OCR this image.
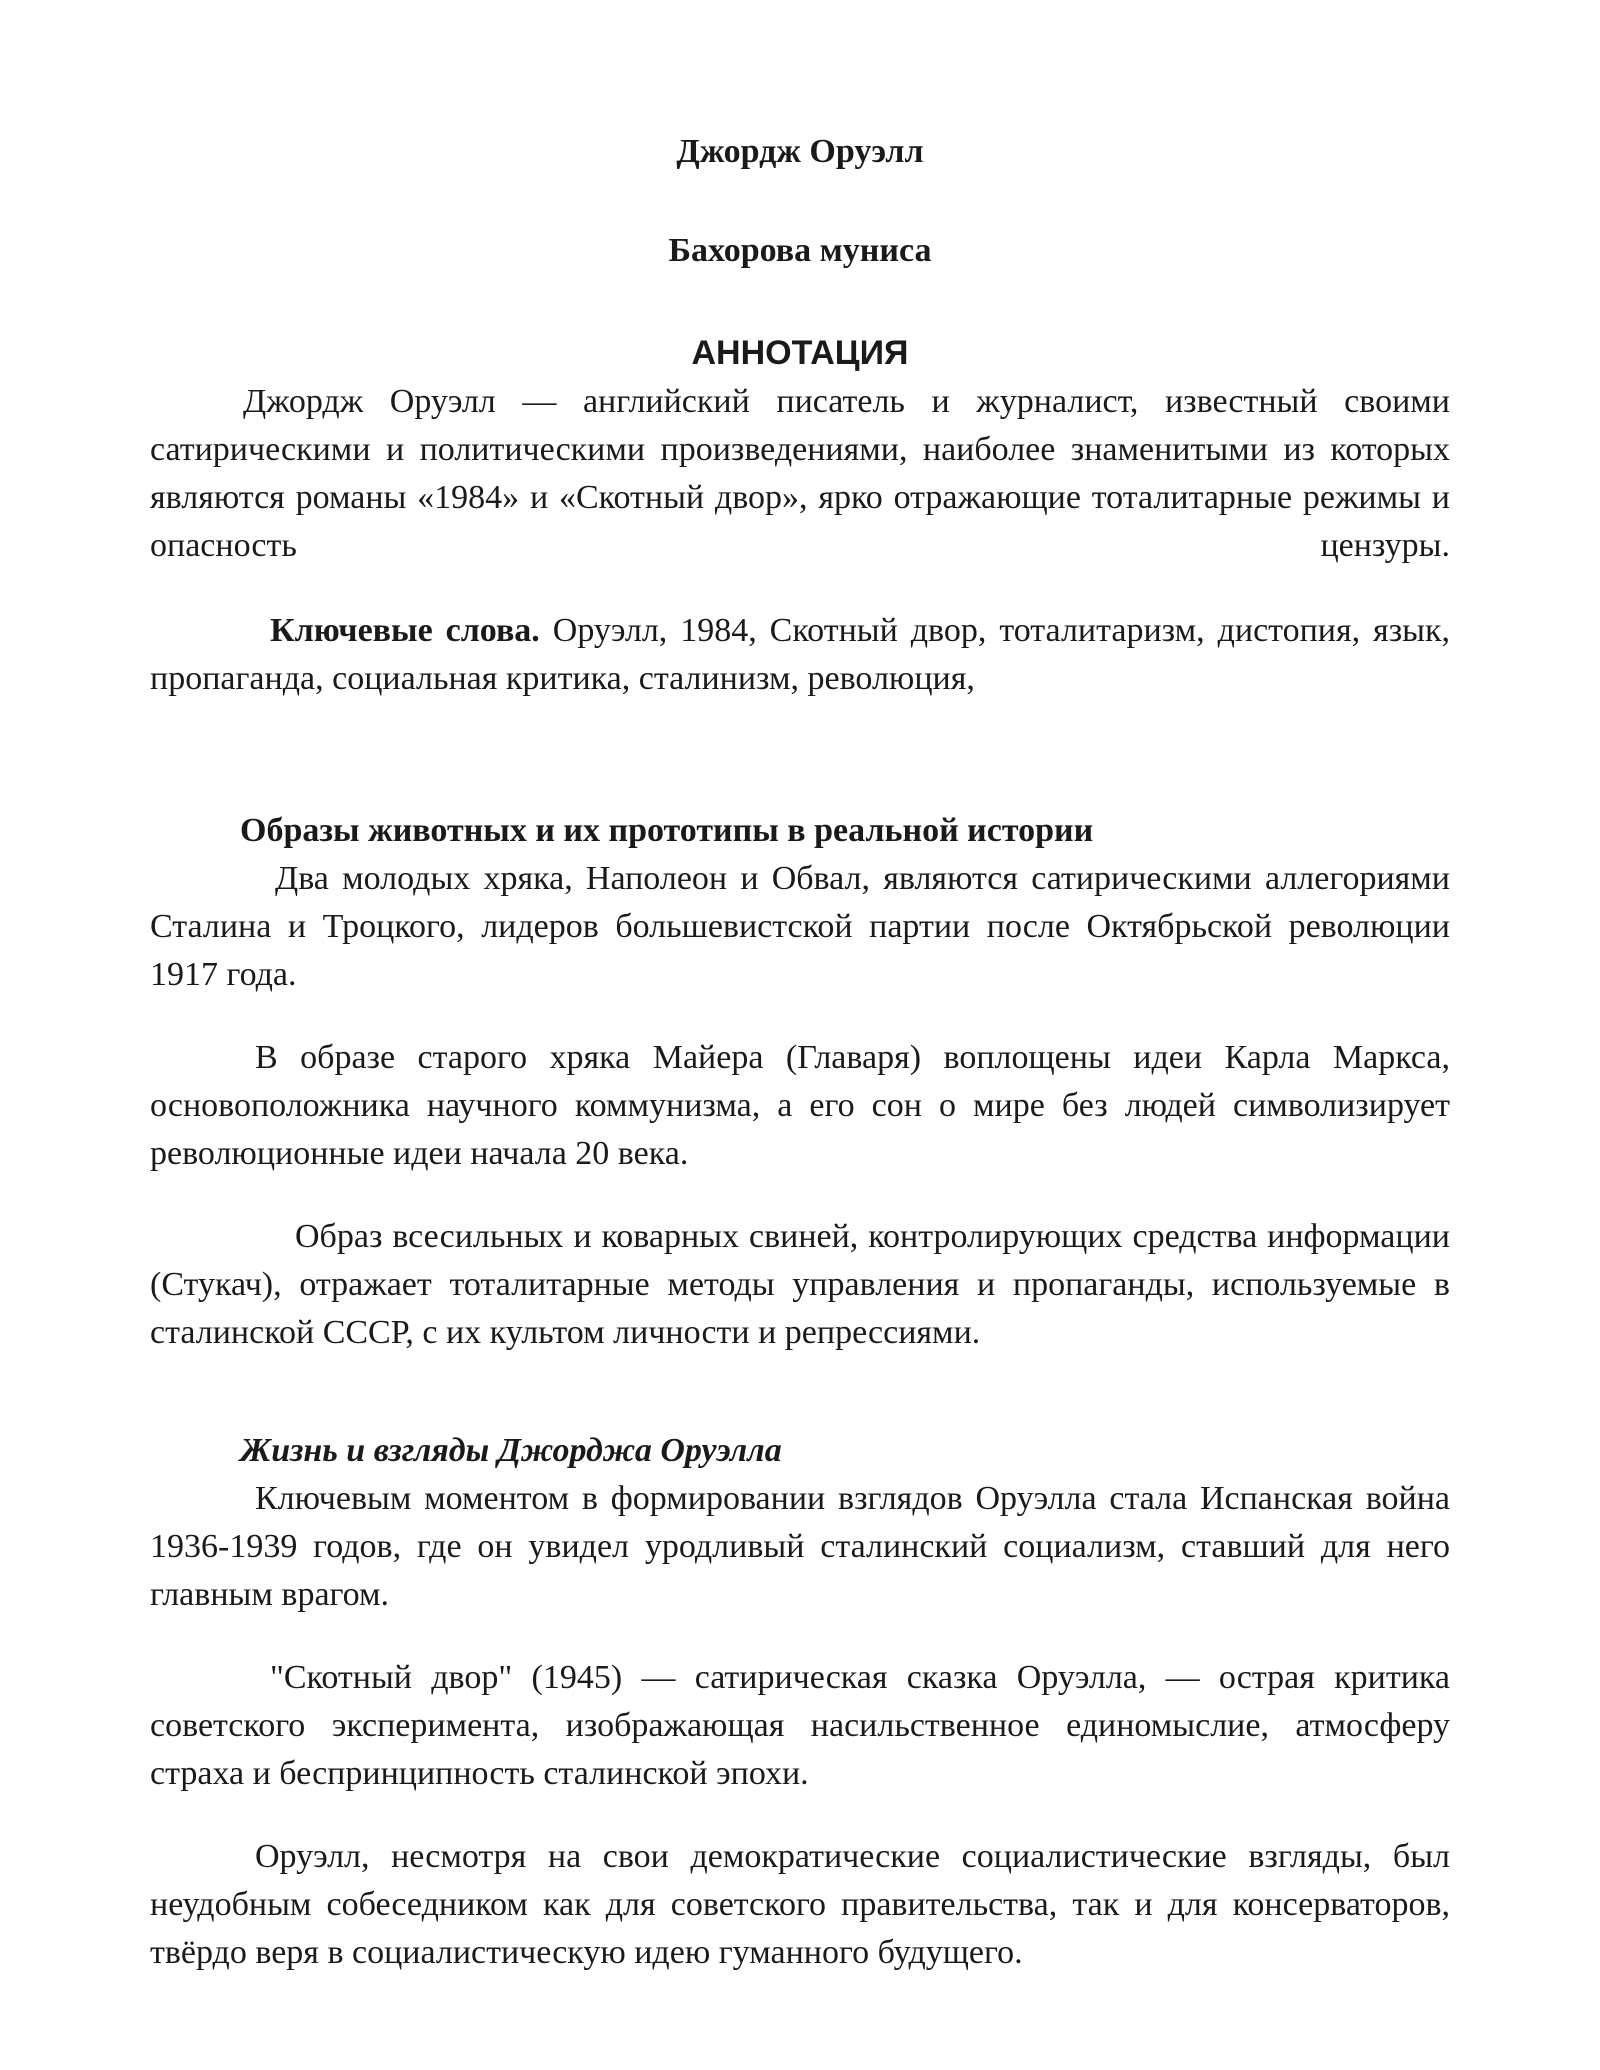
Джордж Оруэлл
Бахорова муниса
АННОТАЦИЯ

Джордж Оруэлл — английский писатель и журналист, известный своими сатирическими и политическими произведениями, наиболее знаменитыми из которых являются романы «1984» и «Скотный двор», ярко отражающие тоталитарные режимы и опасность цензуры.

Ключевые слова. Оруэлл, 1984, Скотный двор, тоталитаризм, дистопия, язык, пропаганда, социальная критика, сталинизм, революция,

Образы животных и их прототипы в реальной истории

Два молодых хряка, Наполеон и Обвал, являются сатирическими аллегориями Сталина и Троцкого, лидеров большевистской партии после Октябрьской революции 1917 года.

В образе старого хряка Майера (Главаря) воплощены идеи Карла Маркса, основоположника научного коммунизма, а его сон о мире без людей символизирует революционные идеи начала 20 века.

Образ всесильных и коварных свиней, контролирующих средства информации (Стукач), отражает тоталитарные методы управления и пропаганды, используемые в сталинской СССР, с их культом личности и репрессиями.

Жизнь и взгляды Джорджа Оруэлла

Ключевым моментом в формировании взглядов Оруэлла стала Испанская война 1936-1939 годов, где он увидел уродливый сталинский социализм, ставший для него главным врагом.

"Скотный двор" (1945) — сатирическая сказка Оруэлла, — острая критика советского эксперимента, изображающая насильственное единомыслие, атмосферу страха и беспринципность сталинской эпохи.

Оруэлл, несмотря на свои демократические социалистические взгляды, был неудобным собеседником как для советского правительства, так и для консерваторов, твёрдо веря в социалистическую идею гуманного будущего.
